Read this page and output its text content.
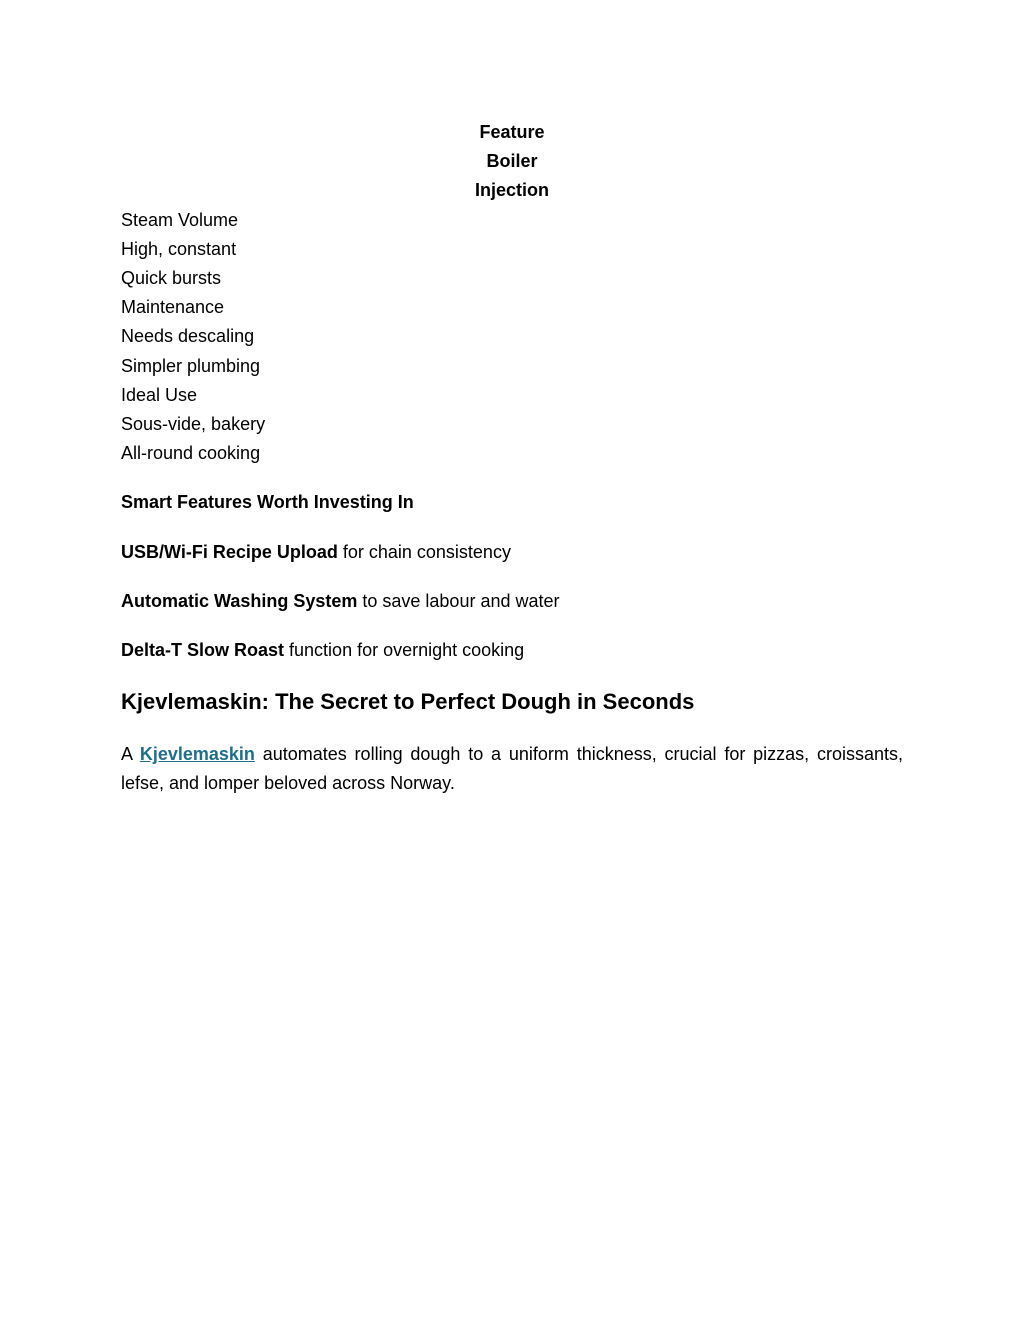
Feature
Boiler
Injection
Steam Volume
High, constant
Quick bursts
Maintenance
Needs descaling
Simpler plumbing
Ideal Use
Sous-vide, bakery
All-round cooking
Smart Features Worth Investing In

USB/Wi-Fi Recipe Upload for chain consistency

Automatic Washing System to save labour and water

Delta-T Slow Roast function for overnight cooking

Kjevlemaskin: The Secret to Perfect Dough in Seconds

A Kjevlemaskin automates rolling dough to a uniform thickness, crucial for pizzas, croissants, lefse, and lomper beloved across Norway.
